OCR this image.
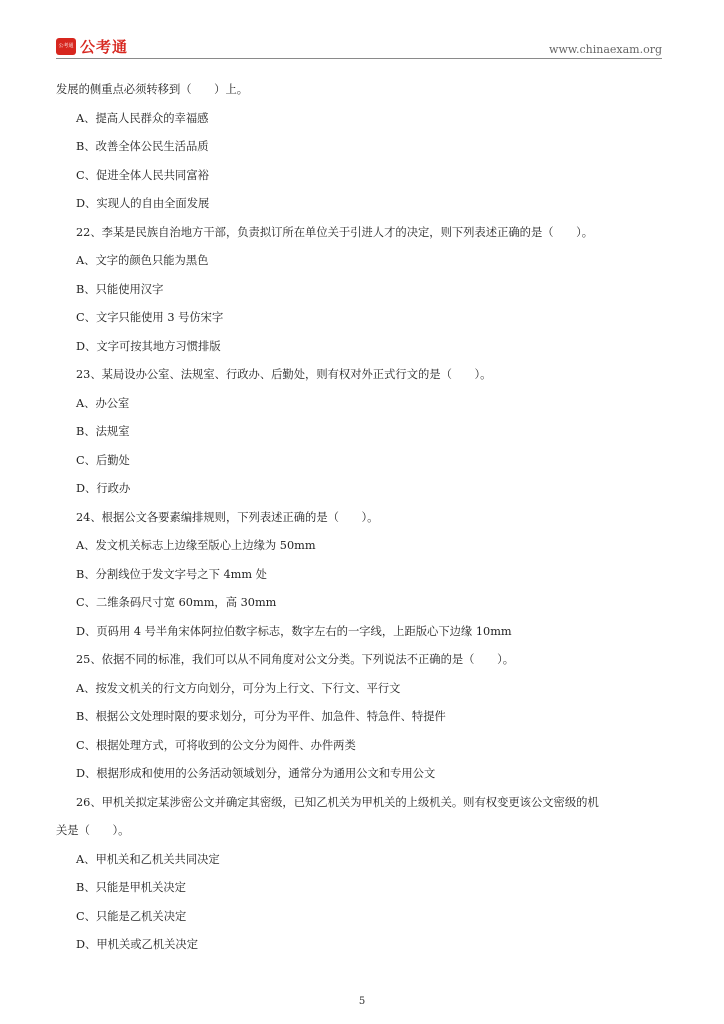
公考通 公考通	www.chinaexam.org
发展的侧重点必须转移到（　　）上。
A、提高人民群众的幸福感
B、改善全体公民生活品质
C、促进全体人民共同富裕
D、实现人的自由全面发展
22、李某是民族自治地方干部，负责拟订所在单位关于引进人才的决定，则下列表述正确的是（　　）。
A、文字的颜色只能为黑色
B、只能使用汉字
C、文字只能使用 3 号仿宋字
D、文字可按其地方习惯排版
23、某局设办公室、法规室、行政办、后勤处，则有权对外正式行文的是（　　）。
A、办公室
B、法规室
C、后勤处
D、行政办
24、根据公文各要素编排规则，下列表述正确的是（　　）。
A、发文机关标志上边缘至版心上边缘为 50mm
B、分割线位于发文字号之下 4mm 处
C、二维条码尺寸宽 60mm，高 30mm
D、页码用 4 号半角宋体阿拉伯数字标志，数字左右的一字线，上距版心下边缘 10mm
25、依据不同的标准，我们可以从不同角度对公文分类。下列说法不正确的是（　　）。
A、按发文机关的行文方向划分，可分为上行文、下行文、平行文
B、根据公文处理时限的要求划分，可分为平件、加急件、特急件、特提件
C、根据处理方式，可将收到的公文分为阅件、办件两类
D、根据形成和使用的公务活动领域划分，通常分为通用公文和专用公文
26、甲机关拟定某涉密公文并确定其密级，已知乙机关为甲机关的上级机关。则有权变更该公文密级的机
关是（　　）。
A、甲机关和乙机关共同决定
B、只能是甲机关决定
C、只能是乙机关决定
D、甲机关或乙机关决定
5
